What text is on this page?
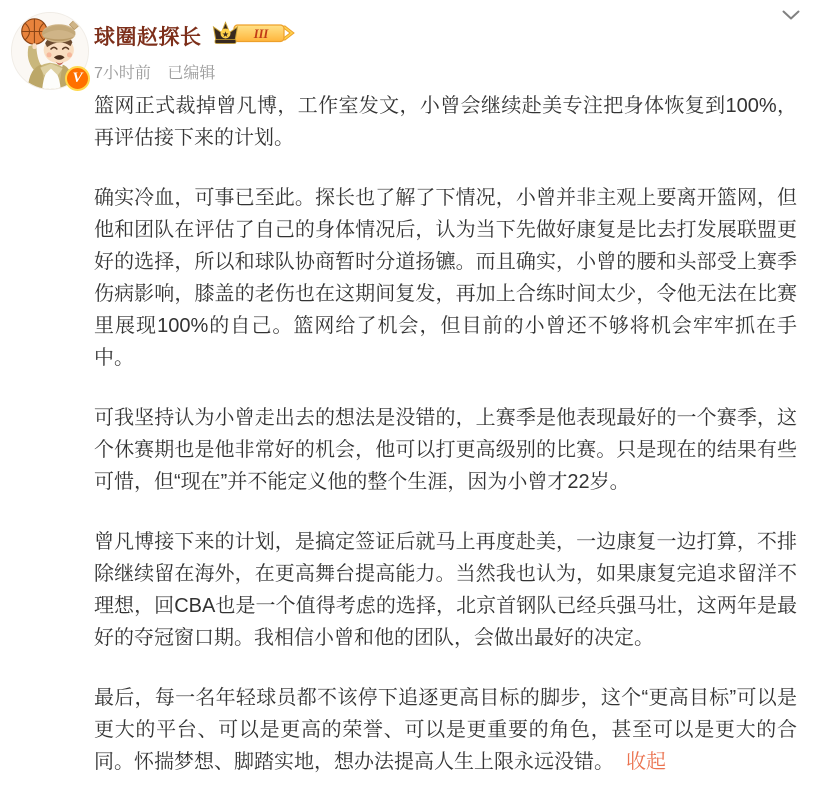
V
球圈赵探长	III
★
7小时前 已编辑

篮网正式裁掉曾凡博，工作室发文，小曾会继续赴美专注把身体恢复到100%，再评估接下来的计划。

确实冷血，可事已至此。探长也了解了下情况，小曾并非主观上要离开篮网，但他和团队在评估了自己的身体情况后，认为当下先做好康复是比去打发展联盟更好的选择，所以和球队协商暂时分道扬镳。而且确实，小曾的腰和头部受上赛季伤病影响，膝盖的老伤也在这期间复发，再加上合练时间太少，令他无法在比赛里展现100%的自己。篮网给了机会，但目前的小曾还不够将机会牢牢抓在手中。

可我坚持认为小曾走出去的想法是没错的，上赛季是他表现最好的一个赛季，这个休赛期也是他非常好的机会，他可以打更高级别的比赛。只是现在的结果有些可惜，但“现在”并不能定义他的整个生涯，因为小曾才22岁。

曾凡博接下来的计划，是搞定签证后就马上再度赴美，一边康复一边打算，不排除继续留在海外，在更高舞台提高能力。当然我也认为，如果康复完追求留洋不理想，回CBA也是一个值得考虑的选择，北京首钢队已经兵强马壮，这两年是最好的夺冠窗口期。我相信小曾和他的团队，会做出最好的决定。

最后，每一名年轻球员都不该停下追逐更高目标的脚步，这个“更高目标”可以是更大的平台、可以是更高的荣誉、可以是更重要的角色，甚至可以是更大的合同。怀揣梦想、脚踏实地，想办法提高人生上限永远没错。 收起
